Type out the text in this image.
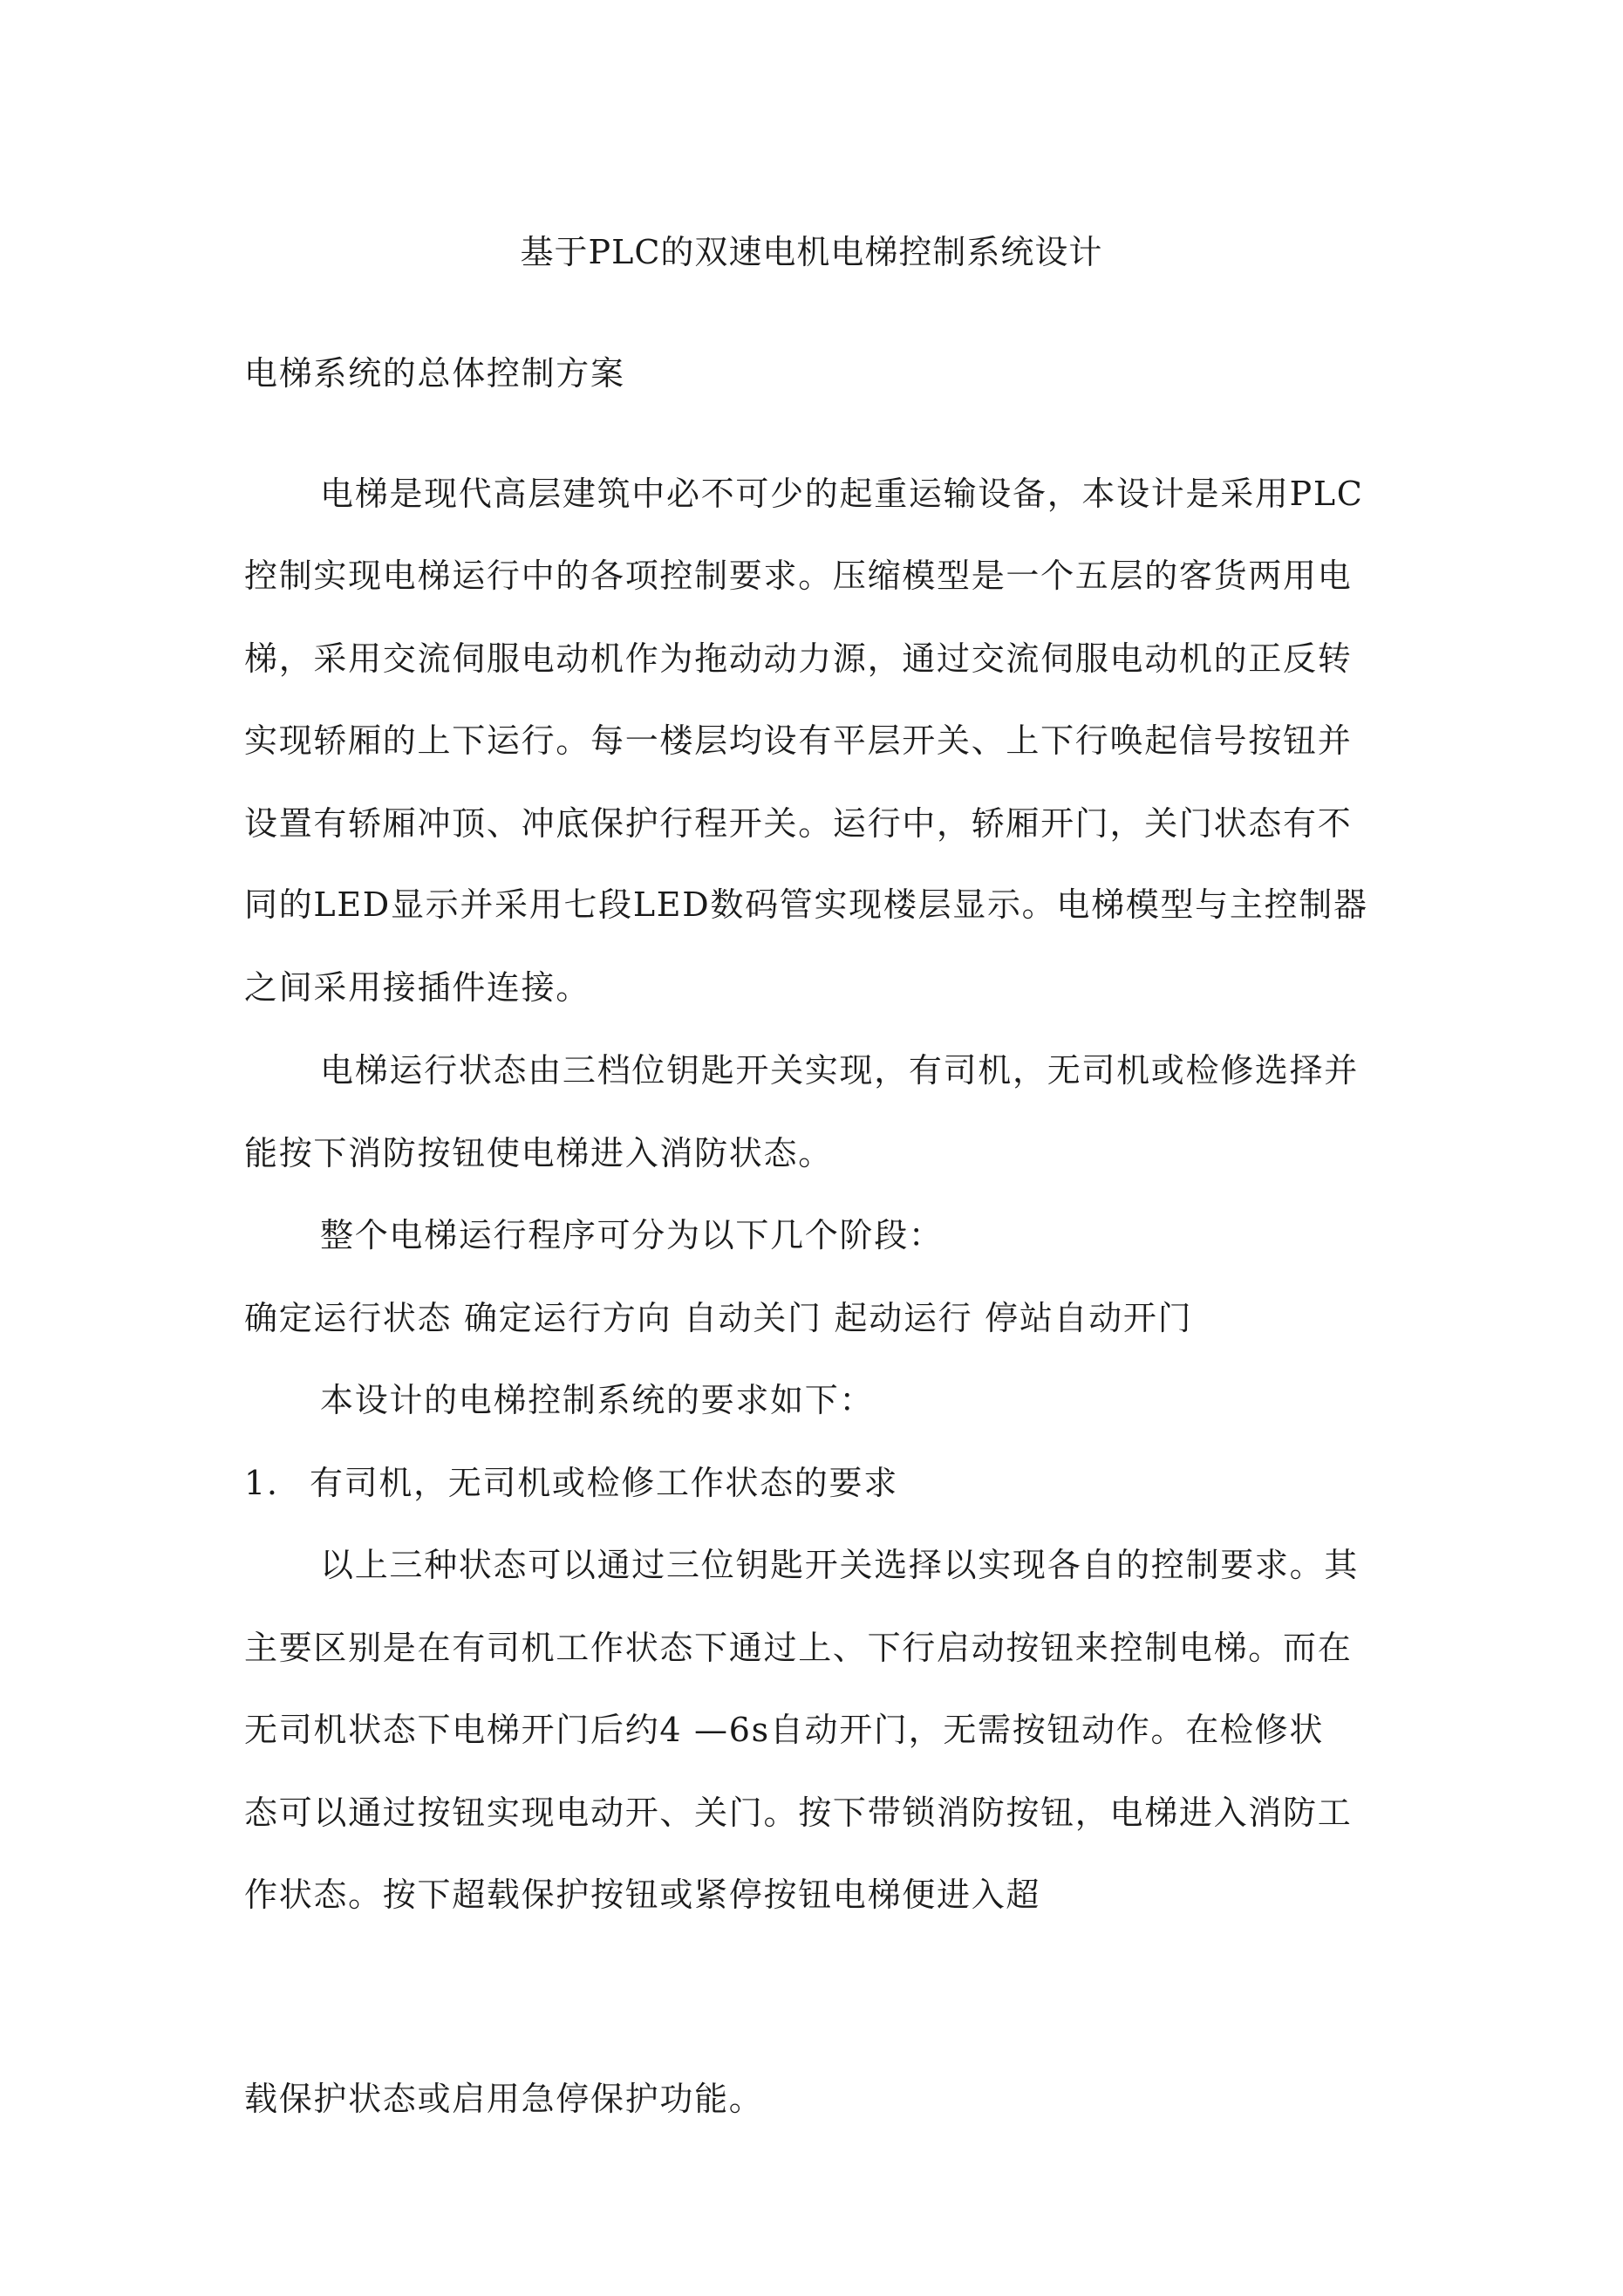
基于PLC的双速电机电梯控制系统设计
电梯系统的总体控制方案
电梯是现代高层建筑中必不可少的起重运输设备，本设计是采用PLC
控制实现电梯运行中的各项控制要求。压缩模型是一个五层的客货两用电
梯，采用交流伺服电动机作为拖动动力源，通过交流伺服电动机的正反转
实现轿厢的上下运行。每一楼层均设有平层开关、上下行唤起信号按钮并
设置有轿厢冲顶、冲底保护行程开关。运行中，轿厢开门，关门状态有不
同的LED显示并采用七段LED数码管实现楼层显示。电梯模型与主控制器
之间采用接插件连接。
电梯运行状态由三档位钥匙开关实现，有司机，无司机或检修选择并
能按下消防按钮使电梯进入消防状态。
整个电梯运行程序可分为以下几个阶段：
确定运行状态 确定运行方向 自动关门 起动运行 停站自动开门
本设计的电梯控制系统的要求如下：
1. 有司机，无司机或检修工作状态的要求
以上三种状态可以通过三位钥匙开关选择以实现各自的控制要求。其
主要区别是在有司机工作状态下通过上、下行启动按钮来控制电梯。而在
无司机状态下电梯开门后约4 —6s自动开门，无需按钮动作。在检修状
态可以通过按钮实现电动开、关门。按下带锁消防按钮，电梯进入消防工
作状态。按下超载保护按钮或紧停按钮电梯便进入超
载保护状态或启用急停保护功能。
